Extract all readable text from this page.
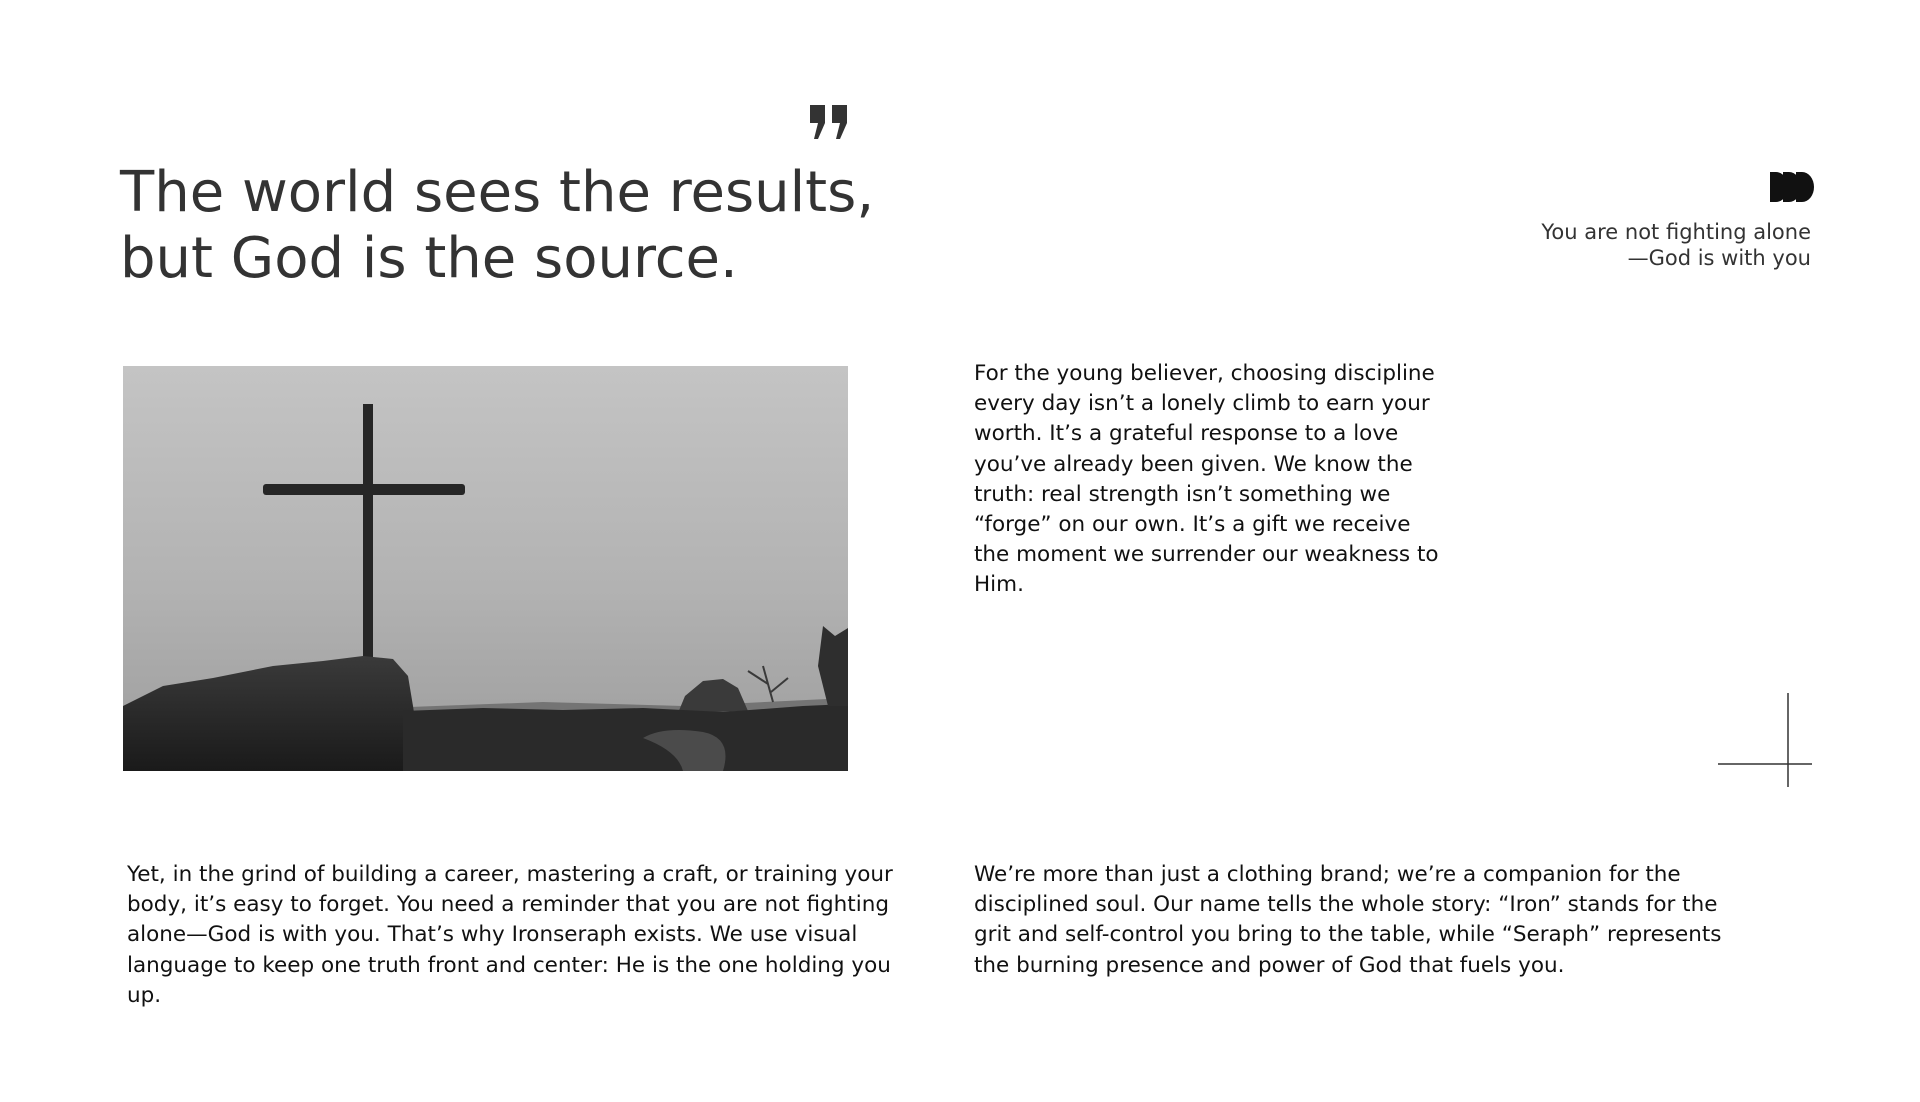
The world sees the results, but God is the source.	You are not fighting alone
—God is with you

For the young believer, choosing discipline every day isn’t a lonely climb to earn your worth. It’s a grateful response to a love you’ve already been given. We know the truth: real strength isn’t something we “forge” on our own. It’s a gift we receive the moment we surrender our weakness to Him.

Yet, in the grind of building a career, mastering a craft, or training your body, it’s easy to forget. You need a reminder that you are not fighting alone—God is with you. That’s why Ironseraph exists. We use visual language to keep one truth front and center: He is the one holding you up.

We’re more than just a clothing brand; we’re a companion for the disciplined soul. Our name tells the whole story: “Iron” stands for the grit and self-control you bring to the table, while “Seraph” represents the burning presence and power of God that fuels you.
